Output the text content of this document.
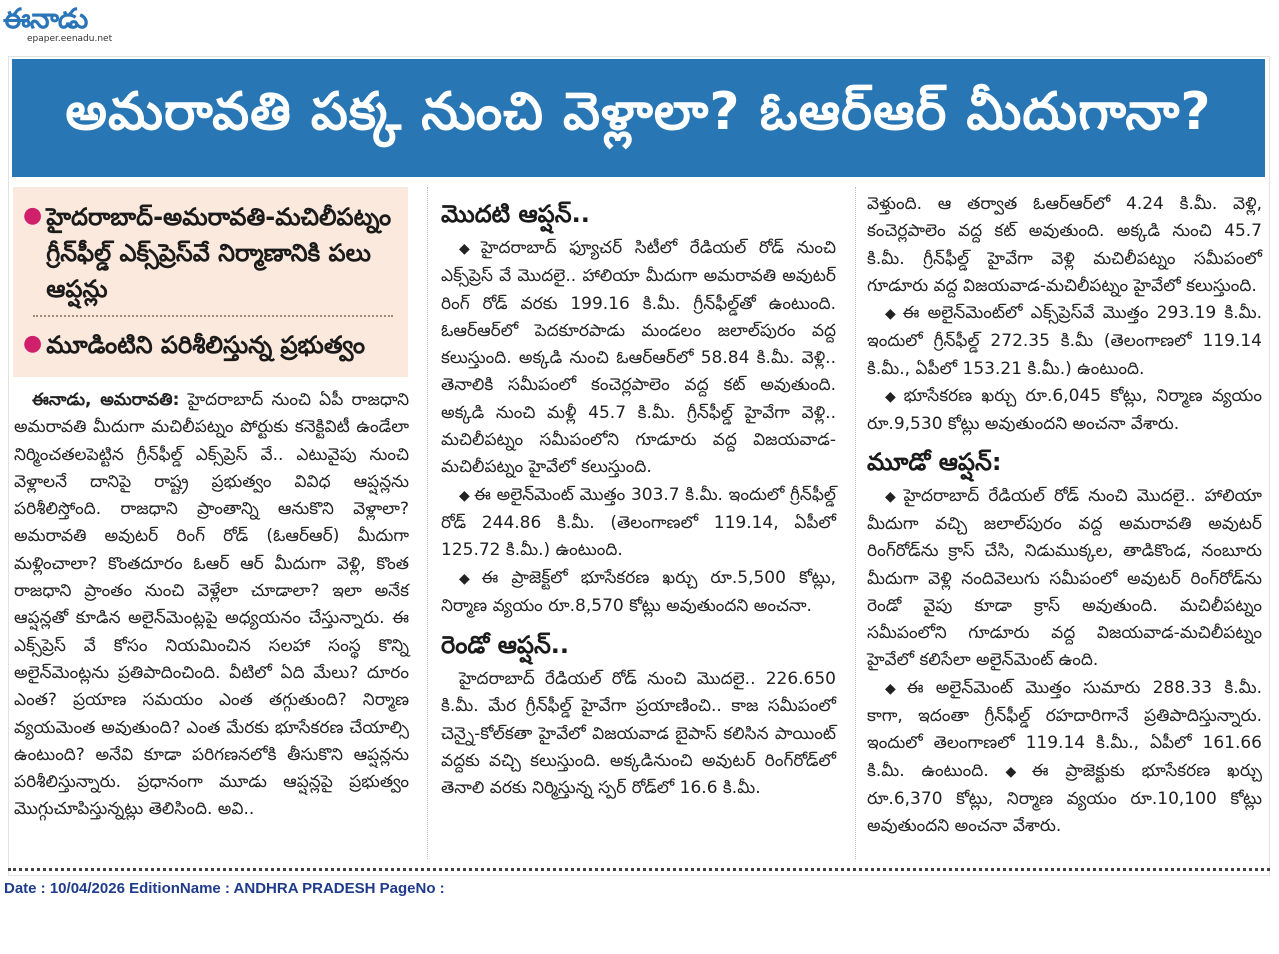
ఈనాడు
epaper.eenadu.net
అమరావతి పక్క నుంచి వెళ్లాలా? ఓఆర్ఆర్ మీదుగానా?
● హైదరాబాద్-అమరావతి-మచిలీపట్నం గ్రీన్‌ఫీల్డ్ ఎక్స్‌ప్రెస్‌వే నిర్మాణానికి పలు ఆప్షన్లు
● మూడింటిని పరిశీలిస్తున్న ప్రభుత్వం

ఈనాడు, అమరావతి: హైదరాబాద్ నుంచి ఏపీ రాజధాని అమరావతి మీదుగా మచిలీపట్నం పోర్టుకు కనెక్టివిటీ ఉండేలా నిర్మించతలపెట్టిన గ్రీన్‌ఫీల్డ్ ఎక్స్‌ప్రెస్ వే.. ఎటువైపు నుంచి వెళ్లాలనే దానిపై రాష్ట్ర ప్రభుత్వం వివిధ ఆప్షన్లను పరిశీలిస్తోంది. రాజధాని ప్రాంతాన్ని ఆనుకొని వెళ్లాలా? అమరావతి అవుటర్ రింగ్ రోడ్ (ఓఆర్ఆర్) మీదుగా మళ్లించాలా? కొంతదూరం ఓఆర్ ఆర్ మీదుగా వెళ్లి, కొంత రాజధాని ప్రాంతం నుంచి వెళ్లేలా చూడాలా? ఇలా అనేక ఆప్షన్లతో కూడిన అలైన్‌మెంట్లపై అధ్యయనం చేస్తున్నారు. ఈ ఎక్స్‌ప్రెస్ వే కోసం నియమించిన సలహా సంస్థ కొన్ని అలైన్‌మెంట్లను ప్రతిపాదించింది. వీటిలో ఏది మేలు? దూరం ఎంత? ప్రయాణ సమయం ఎంత తగ్గుతుంది? నిర్మాణ వ్యయమెంత అవుతుంది? ఎంత మేరకు భూసేకరణ చేయాల్సి ఉంటుంది? అనేవి కూడా పరిగణనలోకి తీసుకొని ఆప్షన్లను పరిశీలిస్తున్నారు. ప్రధానంగా మూడు ఆప్షన్లపై ప్రభుత్వం మొగ్గుచూపిస్తున్నట్లు తెలిసింది. అవి..

మొదటి ఆప్షన్..

◆ హైదరాబాద్ ఫ్యూచర్ సిటీలో రేడియల్ రోడ్ నుంచి ఎక్స్‌ప్రెస్ వే మొదలై.. హాలియా మీదుగా అమరావతి అవుటర్ రింగ్ రోడ్ వరకు 199.16 కి.మీ. గ్రీన్‌ఫీల్డ్‌తో ఉంటుంది. ఓఆర్ఆర్‌లో పెదకూరపాడు మండలం జలాల్‌పురం వద్ద కలుస్తుంది. అక్కడి నుంచి ఓఆర్ఆర్‌లో 58.84 కి.మీ. వెళ్లి.. తెనాలికి సమీపంలో కంచెర్లపాలెం వద్ద కట్ అవుతుంది. అక్కడి నుంచి మళ్లీ 45.7 కి.మీ. గ్రీన్‌ఫీల్డ్ హైవేగా వెళ్లి.. మచిలీపట్నం సమీపంలోని గూడూరు వద్ద విజయవాడ-మచిలీపట్నం హైవేలో కలుస్తుంది.

◆ ఈ అలైన్‌మెంట్ మొత్తం 303.7 కి.మీ. ఇందులో గ్రీన్‌ఫీల్డ్ రోడ్ 244.86 కి.మీ. (తెలంగాణలో 119.14, ఏపీలో 125.72 కి.మీ.) ఉంటుంది.

◆ ఈ ప్రాజెక్ట్‌లో భూసేకరణ ఖర్చు రూ.5,500 కోట్లు, నిర్మాణ వ్యయం రూ.8,570 కోట్లు అవుతుందని అంచనా.

రెండో ఆప్షన్..

హైదరాబాద్ రేడియల్ రోడ్ నుంచి మొదలై.. 226.650 కి.మీ. మేర గ్రీన్‌ఫీల్డ్ హైవేగా ప్రయాణించి.. కాజ సమీపంలో చెన్నై-కోల్‌కతా హైవేలో విజయవాడ బైపాస్ కలిసిన పాయింట్ వద్దకు వచ్చి కలుస్తుంది. అక్కడినుంచి అవుటర్ రింగ్‌రోడ్‌లో తెనాలి వరకు నిర్మిస్తున్న స్పర్ రోడ్‌లో 16.6 కి.మీ.

వెళ్తుంది. ఆ తర్వాత ఓఆర్ఆర్‌లో 4.24 కి.మీ. వెళ్లి, కంచెర్లపాలెం వద్ద కట్ అవుతుంది. అక్కడి నుంచి 45.7 కి.మీ. గ్రీన్‌ఫీల్డ్ హైవేగా వెళ్లి మచిలీపట్నం సమీపంలో గూడూరు వద్ద విజయవాడ-మచిలీపట్నం హైవేలో కలుస్తుంది.

◆ ఈ అలైన్‌మెంట్‌లో ఎక్స్‌ప్రెస్‌వే మొత్తం 293.19 కి.మీ. ఇందులో గ్రీన్‌ఫీల్డ్ 272.35 కి.మీ (తెలంగాణలో 119.14 కి.మీ., ఏపీలో 153.21 కి.మీ.) ఉంటుంది.

◆ భూసేకరణ ఖర్చు రూ.6,045 కోట్లు, నిర్మాణ వ్యయం రూ.9,530 కోట్లు అవుతుందని అంచనా వేశారు.

మూడో ఆప్షన్:

◆ హైదరాబాద్ రేడియల్ రోడ్ నుంచి మొదలై.. హాలియా మీదుగా వచ్చి జలాల్‌పురం వద్ద అమరావతి అవుటర్ రింగ్‌రోడ్‌ను క్రాస్ చేసి, నిడుముక్కల, తాడికొండ, నంబూరు మీదుగా వెళ్లి నందివెలుగు సమీపంలో అవుటర్ రింగ్‌రోడ్‌ను రెండో వైపు కూడా క్రాస్ అవుతుంది. మచిలీపట్నం సమీపంలోని గూడూరు వద్ద విజయవాడ-మచిలీపట్నం హైవేలో కలిసేలా అలైన్‌మెంట్ ఉంది.

◆ ఈ అలైన్‌మెంట్ మొత్తం సుమారు 288.33 కి.మీ. కాగా, ఇదంతా గ్రీన్‌ఫీల్డ్ రహదారిగానే ప్రతిపాదిస్తున్నారు. ఇందులో తెలంగాణలో 119.14 కి.మీ., ఏపీలో 161.66 కి.మీ. ఉంటుంది. ◆ ఈ ప్రాజెక్టుకు భూసేకరణ ఖర్చు రూ.6,370 కోట్లు, నిర్మాణ వ్యయం రూ.10,100 కోట్లు అవుతుందని అంచనా వేశారు.

Date : 10/04/2026 EditionName : ANDHRA PRADESH PageNo :
